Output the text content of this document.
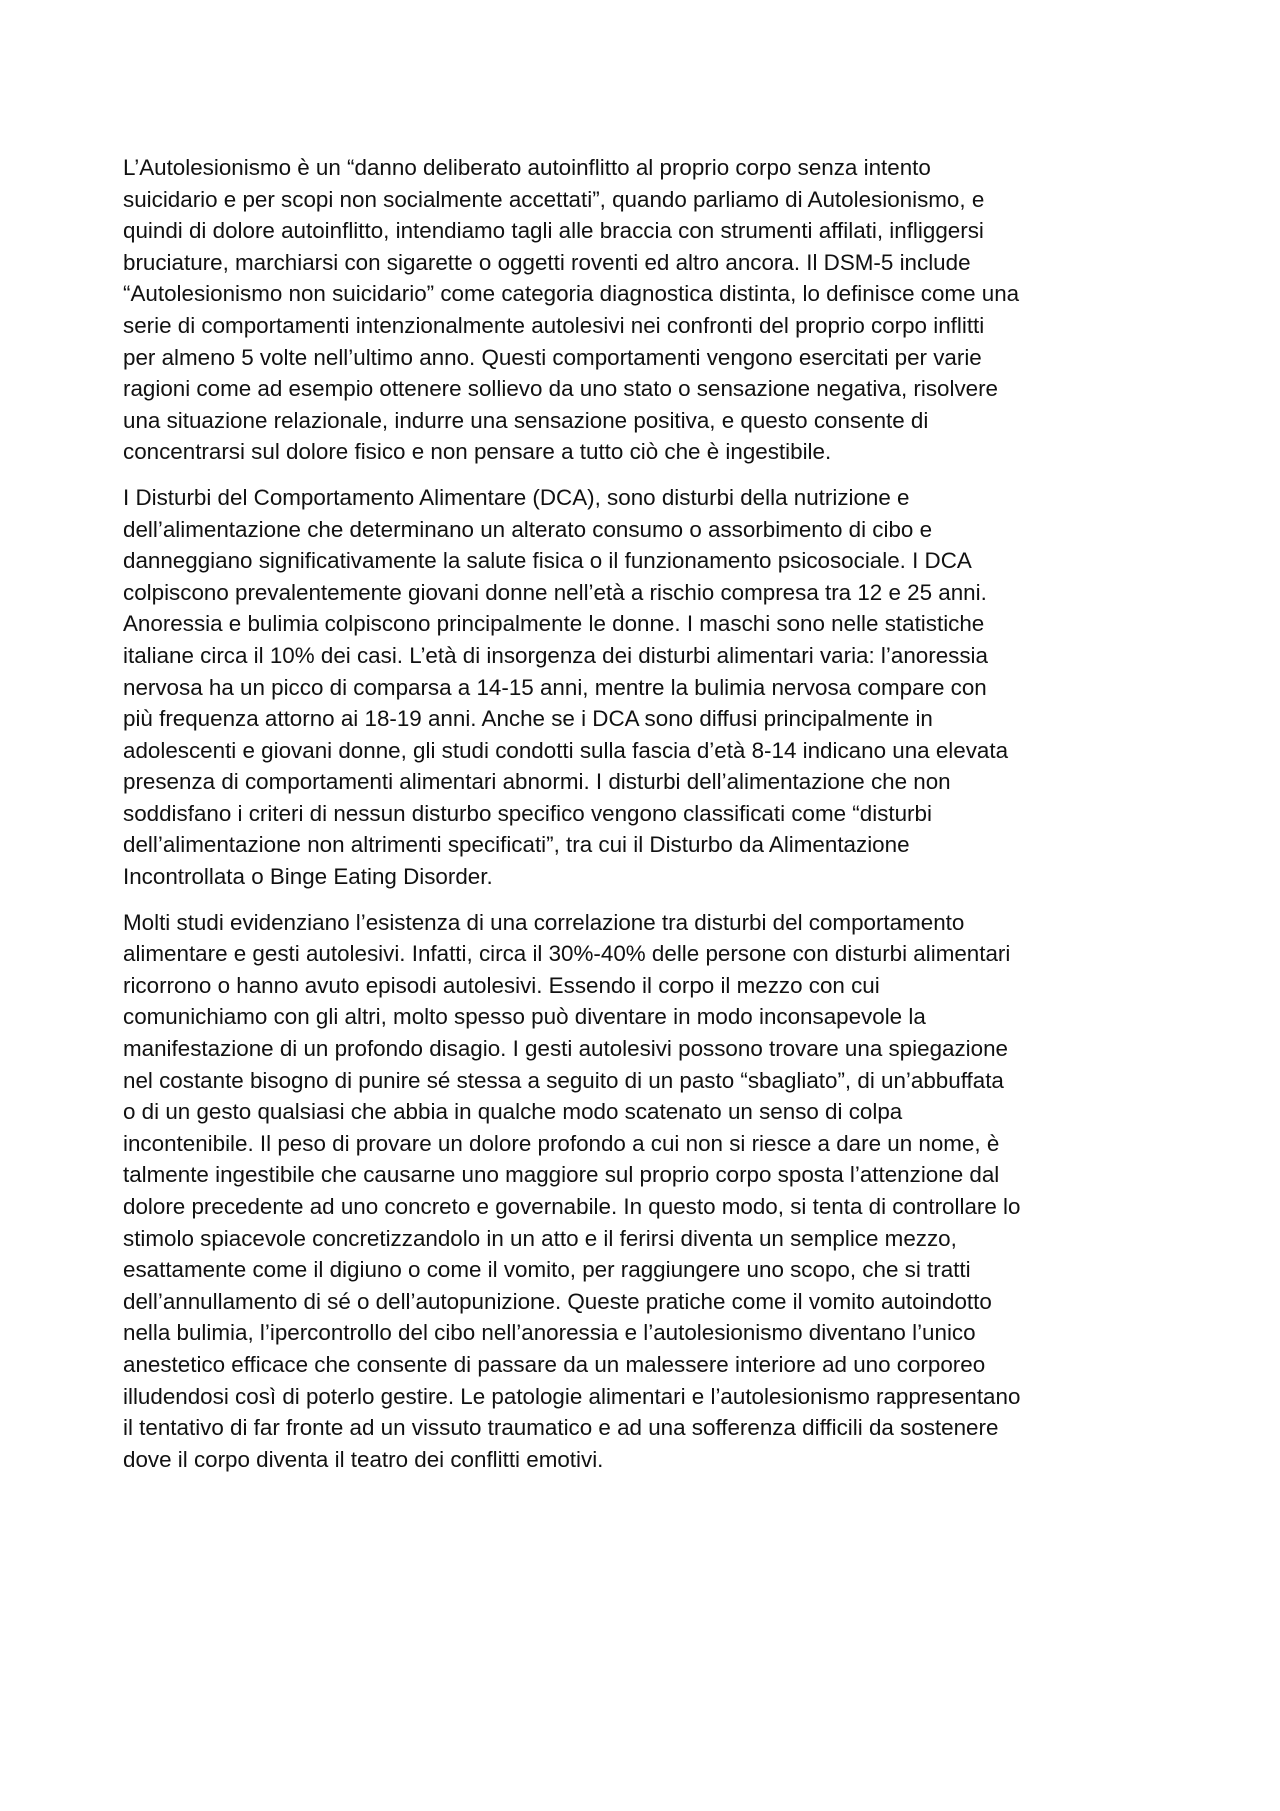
L’Autolesionismo è un “danno deliberato autoinflitto al proprio corpo senza intento
suicidario e per scopi non socialmente accettati”, quando parliamo di Autolesionismo, e
quindi di dolore autoinflitto, intendiamo tagli alle braccia con strumenti affilati, infliggersi
bruciature, marchiarsi con sigarette o oggetti roventi ed altro ancora. Il DSM-5 include
“Autolesionismo non suicidario” come categoria diagnostica distinta, lo definisce come una
serie di comportamenti intenzionalmente autolesivi nei confronti del proprio corpo inflitti
per almeno 5 volte nell’ultimo anno. Questi comportamenti vengono esercitati per varie
ragioni come ad esempio ottenere sollievo da uno stato o sensazione negativa, risolvere
una situazione relazionale, indurre una sensazione positiva, e questo consente di
concentrarsi sul dolore fisico e non pensare a tutto ciò che è ingestibile.

I Disturbi del Comportamento Alimentare (DCA), sono disturbi della nutrizione e
dell’alimentazione che determinano un alterato consumo o assorbimento di cibo e
danneggiano significativamente la salute fisica o il funzionamento psicosociale. I DCA
colpiscono prevalentemente giovani donne nell’età a rischio compresa tra 12 e 25 anni.
Anoressia e bulimia colpiscono principalmente le donne. I maschi sono nelle statistiche
italiane circa il 10% dei casi. L’età di insorgenza dei disturbi alimentari varia: l’anoressia
nervosa ha un picco di comparsa a 14-15 anni, mentre la bulimia nervosa compare con
più frequenza attorno ai 18-19 anni. Anche se i DCA sono diffusi principalmente in
adolescenti e giovani donne, gli studi condotti sulla fascia d’età 8-14 indicano una elevata
presenza di comportamenti alimentari abnormi. I disturbi dell’alimentazione che non
soddisfano i criteri di nessun disturbo specifico vengono classificati come “disturbi
dell’alimentazione non altrimenti specificati”, tra cui il Disturbo da Alimentazione
Incontrollata o Binge Eating Disorder.

Molti studi evidenziano l’esistenza di una correlazione tra disturbi del comportamento
alimentare e gesti autolesivi. Infatti, circa il 30%-40% delle persone con disturbi alimentari
ricorrono o hanno avuto episodi autolesivi. Essendo il corpo il mezzo con cui
comunichiamo con gli altri, molto spesso può diventare in modo inconsapevole la
manifestazione di un profondo disagio. I gesti autolesivi possono trovare una spiegazione
nel costante bisogno di punire sé stessa a seguito di un pasto “sbagliato”, di un’abbuffata
o di un gesto qualsiasi che abbia in qualche modo scatenato un senso di colpa
incontenibile. Il peso di provare un dolore profondo a cui non si riesce a dare un nome, è
talmente ingestibile che causarne uno maggiore sul proprio corpo sposta l’attenzione dal
dolore precedente ad uno concreto e governabile. In questo modo, si tenta di controllare lo
stimolo spiacevole concretizzandolo in un atto e il ferirsi diventa un semplice mezzo,
esattamente come il digiuno o come il vomito, per raggiungere uno scopo, che si tratti
dell’annullamento di sé o dell’autopunizione. Queste pratiche come il vomito autoindotto
nella bulimia, l’ipercontrollo del cibo nell’anoressia e l’autolesionismo diventano l’unico
anestetico efficace che consente di passare da un malessere interiore ad uno corporeo
illudendosi così di poterlo gestire. Le patologie alimentari e l’autolesionismo rappresentano
il tentativo di far fronte ad un vissuto traumatico e ad una sofferenza difficili da sostenere
dove il corpo diventa il teatro dei conflitti emotivi.
